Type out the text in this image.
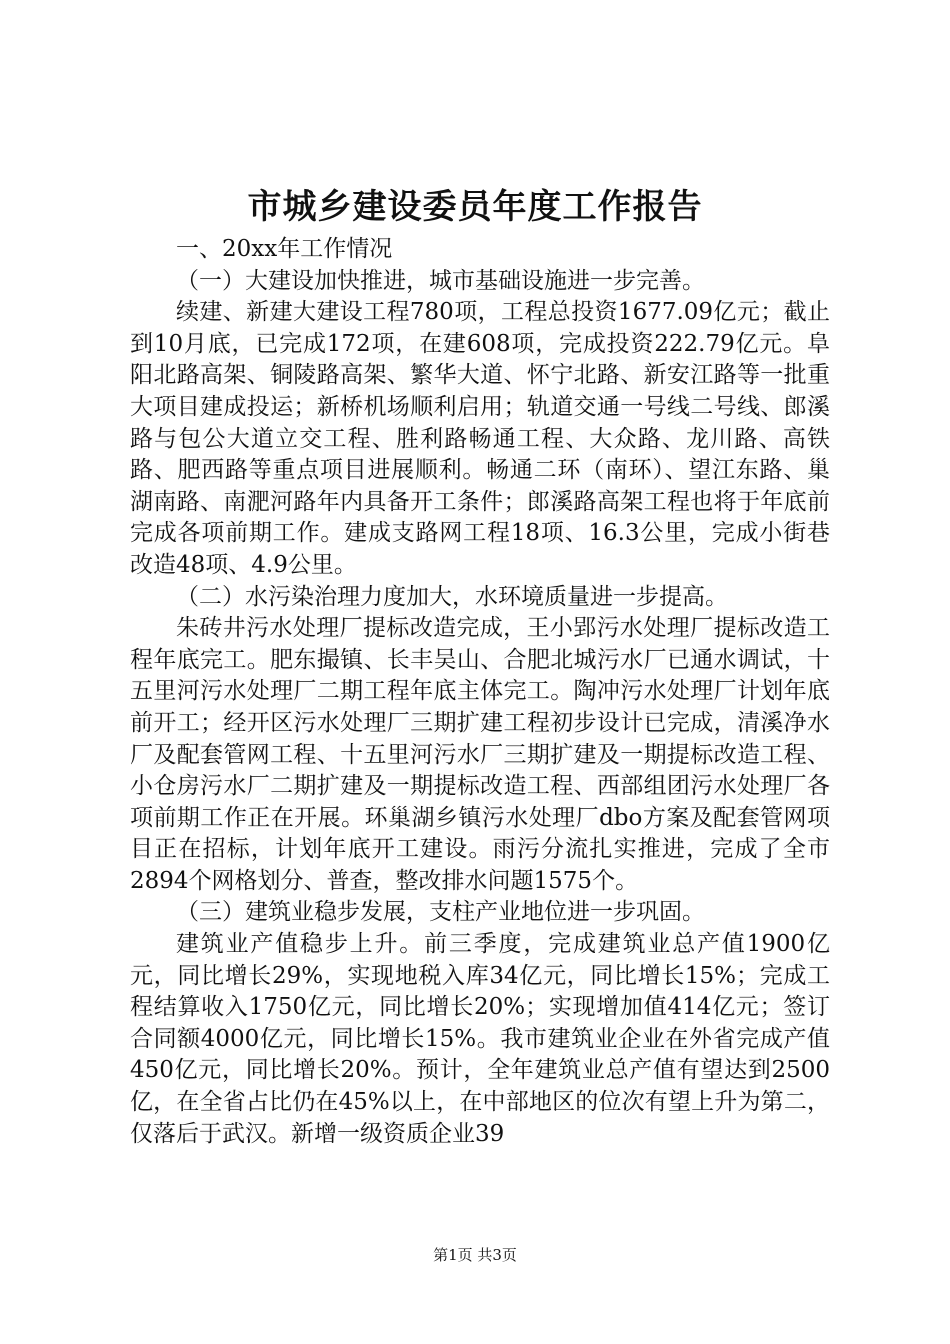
市城乡建设委员年度工作报告

一、20xx年工作情况

（一）大建设加快推进，城市基础设施进一步完善。

续建、新建大建设工程780项，工程总投资1677.09亿元；截止到10月底，已完成172项，在建608项，完成投资222.79亿元。阜阳北路高架、铜陵路高架、繁华大道、怀宁北路、新安江路等一批重大项目建成投运；新桥机场顺利启用；轨道交通一号线二号线、郎溪路与包公大道立交工程、胜利路畅通工程、大众路、龙川路、高铁路、肥西路等重点项目进展顺利。畅通二环（南环）、望江东路、巢湖南路、南淝河路年内具备开工条件；郎溪路高架工程也将于年底前完成各项前期工作。建成支路网工程18项、16.3公里，完成小街巷改造48项、4.9公里。

（二）水污染治理力度加大，水环境质量进一步提高。

朱砖井污水处理厂提标改造完成，王小郢污水处理厂提标改造工程年底完工。肥东撮镇、长丰吴山、合肥北城污水厂已通水调试，十五里河污水处理厂二期工程年底主体完工。陶冲污水处理厂计划年底前开工；经开区污水处理厂三期扩建工程初步设计已完成，清溪净水厂及配套管网工程、十五里河污水厂三期扩建及一期提标改造工程、小仓房污水厂二期扩建及一期提标改造工程、西部组团污水处理厂各项前期工作正在开展。环巢湖乡镇污水处理厂dbo方案及配套管网项目正在招标，计划年底开工建设。雨污分流扎实推进，完成了全市2894个网格划分、普查，整改排水问题1575个。

（三）建筑业稳步发展，支柱产业地位进一步巩固。

建筑业产值稳步上升。前三季度，完成建筑业总产值1900亿元，同比增长29%，实现地税入库34亿元，同比增长15%；完成工程结算收入1750亿元，同比增长20%；实现增加值414亿元；签订合同额4000亿元，同比增长15%。我市建筑业企业在外省完成产值450亿元，同比增长20%。预计，全年建筑业总产值有望达到2500亿，在全省占比仍在45%以上，在中部地区的位次有望上升为第二，仅落后于武汉。新增一级资质企业39

第1页 共3页
